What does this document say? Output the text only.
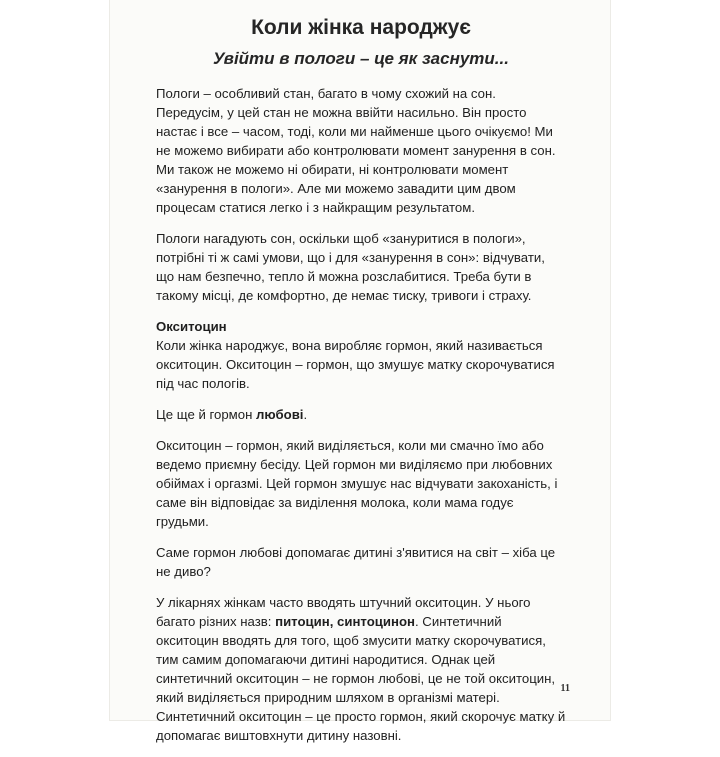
Коли жінка народжує
Увійти в пологи – це як заснути...

Пологи – особливий стан, багато в чому схожий на сон. Передусім, у цей стан не можна ввійти насильно. Він просто настає і все – часом, тоді, коли ми найменше цього очікуємо! Ми не можемо вибирати або контролювати момент занурення в сон. Ми також не можемо ні обирати, ні контролювати момент «занурення в пологи». Але ми можемо завадити цим двом процесам статися легко і з найкращим результатом.

Пологи нагадують сон, оскільки щоб «зануритися в пологи», потрібні ті ж самі умови, що і для «занурення в сон»: відчувати, що нам безпечно, тепло й можна розслабитися. Треба бути в такому місці, де комфортно, де немає тиску, тривоги і страху.

Окситоцин

Коли жінка народжує, вона виробляє гормон, який називається окситоцин. Окситоцин – гормон, що змушує матку скорочуватися під час пологів.

Це ще й гормон любові.

Окситоцин – гормон, який виділяється, коли ми смачно їмо або ведемо приємну бесіду. Цей гормон ми виділяємо при любовних обіймах і оргазмі. Цей гормон змушує нас відчувати закоханість, і саме він відповідає за виділення молока, коли мама годує грудьми.

Саме гормон любові допомагає дитині з'явитися на світ – хіба це не диво?

У лікарнях жінкам часто вводять штучний окситоцин. У нього багато різних назв: питоцин, синтоцинон. Синтетичний окситоцин вводять для того, щоб змусити матку скорочуватися, тим самим допомагаючи дитині народитися. Однак цей синтетичний окситоцин – не гормон любові, це не той окситоцин, який виділяється природним шляхом в організмі матері. Синтетичний окситоцин – це просто гормон, який скорочує матку й допомагає виштовхнути дитину назовні.

11
